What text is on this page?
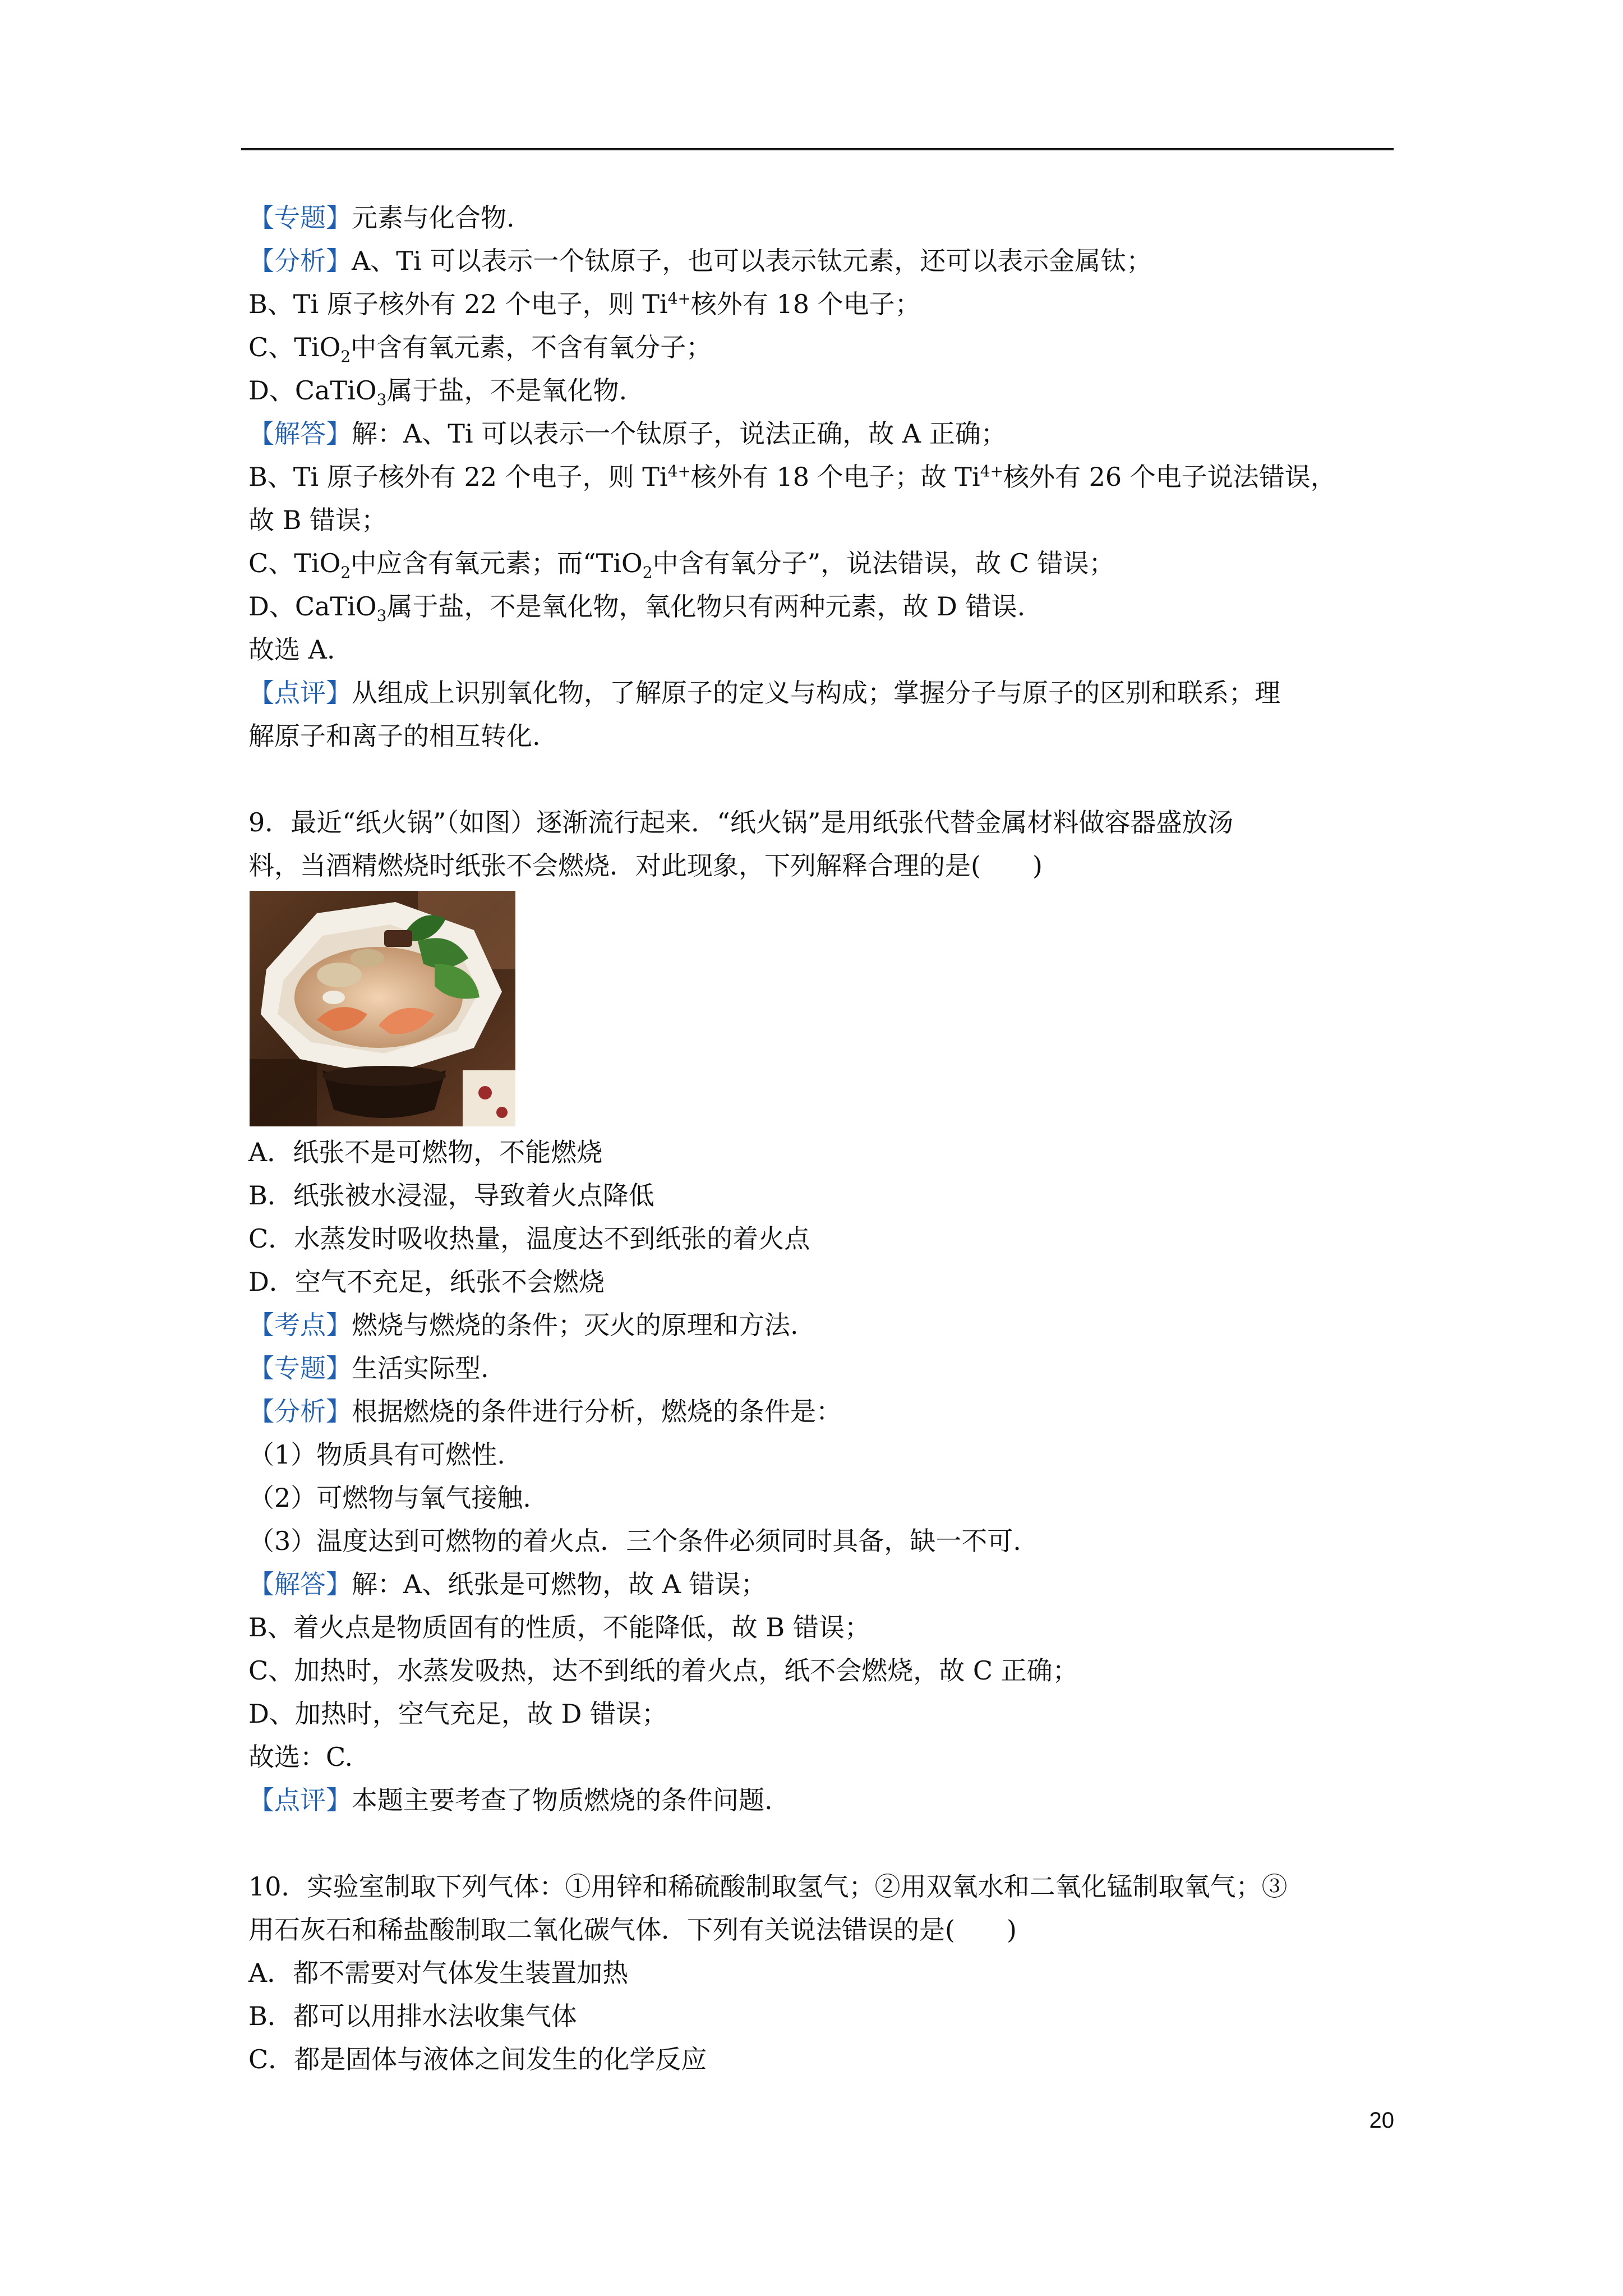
【专题】元素与化合物.
【分析】A、Ti 可以表示一个钛原子，也可以表示钛元素，还可以表示金属钛；
B、Ti 原子核外有 22 个电子，则 $Ti^{4+}$核外有 18 个电子；
C、TiO$_2$中含有氧元素，不含有氧分子；
D、CaTiO$_3$属于盐，不是氧化物.
【解答】解：A、Ti 可以表示一个钛原子，说法正确，故 A 正确；
B、Ti 原子核外有 22 个电子，则 $Ti^{4+}$核外有 18 个电子；故 $Ti^{4+}$核外有 26 个电子说法错误，
故 B 错误；
C、TiO$_2$中应含有氧元素；而“TiO$_2$中含有氧分子”，说法错误，故 C 错误；
D、CaTiO$_3$属于盐，不是氧化物，氧化物只有两种元素，故 D 错误.
故选 A.
【点评】从组成上识别氧化物，了解原子的定义与构成；掌握分子与原子的区别和联系；理
解原子和离子的相互转化.
9．最近“纸火锅”（如图）逐渐流行起来．“纸火锅”是用纸张代替金属材料做容器盛放汤
料，当酒精燃烧时纸张不会燃烧．对此现象，下列解释合理的是(　　)
A．纸张不是可燃物，不能燃烧
B．纸张被水浸湿，导致着火点降低
C．水蒸发时吸收热量，温度达不到纸张的着火点
D．空气不充足，纸张不会燃烧
【考点】燃烧与燃烧的条件；灭火的原理和方法.
【专题】生活实际型.
【分析】根据燃烧的条件进行分析，燃烧的条件是：
（1）物质具有可燃性.
（2）可燃物与氧气接触.
（3）温度达到可燃物的着火点．三个条件必须同时具备，缺一不可.
【解答】解：A、纸张是可燃物，故 A 错误；
B、着火点是物质固有的性质，不能降低，故 B 错误；
C、加热时，水蒸发吸热，达不到纸的着火点，纸不会燃烧，故 C 正确；
D、加热时，空气充足，故 D 错误；
故选：C.
【点评】本题主要考查了物质燃烧的条件问题.
10．实验室制取下列气体：①用锌和稀硫酸制取氢气；②用双氧水和二氧化锰制取氧气；③
用石灰石和稀盐酸制取二氧化碳气体．下列有关说法错误的是(　　)
A．都不需要对气体发生装置加热
B．都可以用排水法收集气体
C．都是固体与液体之间发生的化学反应
20
